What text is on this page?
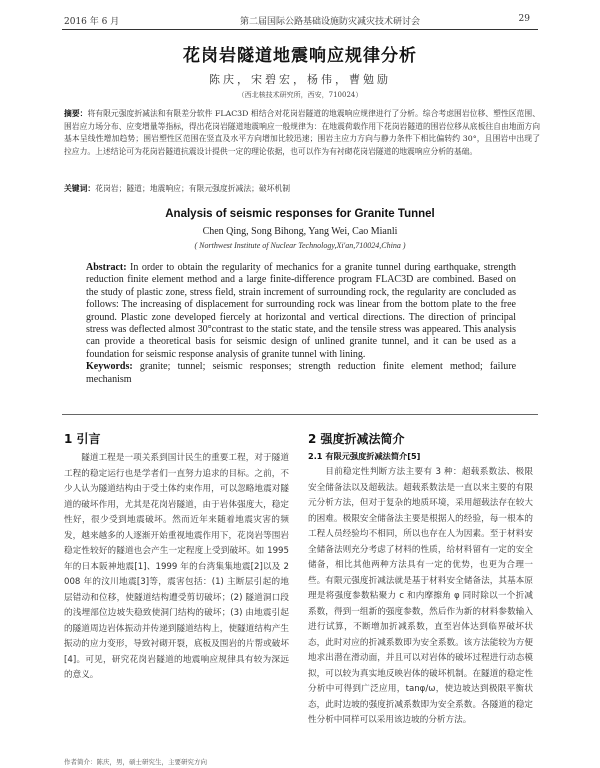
2016 年 6 月	第二届国际公路基础设施防灾减灾技术研讨会	29
花岗岩隧道地震响应规律分析
陈庆，宋碧宏，杨伟，曹勉励
（西北核技术研究所，西安，710024）
摘要：将有限元强度折减法和有限差分软件 FLAC3D 相结合对花岗岩隧道的地震响应规律进行了分析。综合考虑围岩位移、塑性区范围、围岩应力场分布、应变增量等指标，得出花岗岩隧道地震响应一般规律为：在地震荷载作用下花岗岩隧道的围岩位移从底板往自由地面方向基本呈线性增加趋势；围岩塑性区范围在竖直及水平方向增加比较迅速；围岩主应力方向与静力条件下相比偏转约 30°，且围岩中出现了拉应力。上述结论可为花岗岩隧道抗震设计提供一定的理论依据，也可以作为有衬砌花岗岩隧道的地震响应分析的基础。
关键词：花岗岩；隧道；地震响应；有限元强度折减法；破坏机制
Analysis of seismic responses for Granite Tunnel
Chen Qing, Song Bihong, Yang Wei, Cao Mianli
( Northwest Institute of Nuclear Technology,Xi'an,710024,China )
Abstract: In order to obtain the regularity of mechanics for a granite tunnel during earthquake, strength reduction finite element method and a large finite-difference program FLAC3D are combined. Based on the study of plastic zone, stress field, strain increment of surrounding rock, the regularity are concluded as follows: The increasing of displacement for surrounding rock was linear from the bottom plate to the free ground. Plastic zone developed fiercely at horizontal and vertical directions. The direction of principal stress was deflected almost 30°contrast to the static state, and the tensile stress was appeared. This analysis can provide a theoretical basis for seismic design of unlined granite tunnel, and it can be used as a foundation for seismic response analysis of granite tunnel with lining.
Keywords: granite; tunnel; seismic responses; strength reduction finite element method; failure mechanism
1 引言

隧道工程是一项关系到国计民生的重要工程，对于隧道工程的稳定运行也是学者们一直努力追求的目标。之前，不少人认为隧道结构由于受土体约束作用，可以忽略地震对隧道的破坏作用，尤其是花岗岩隧道，由于岩体强度大，稳定性好，很少受到地震破坏。然而近年来随着地震灾害的频发，越来越多的人逐渐开始重视地震作用下，花岗岩等围岩稳定性较好的隧道也会产生一定程度上受到破坏。如 1995 年的日本阪神地震[1]、1999 年的台湾集集地震[2]以及 2008 年的汶川地震[3]等，震害包括：(1) 主断层引起的地层错动和位移，使隧道结构遭受剪切破坏；(2) 隧道洞口段的浅埋部位边坡失稳致使洞门结构的破坏；(3) 由地震引起的隧道周边岩体振动并传递到隧道结构上，使隧道结构产生振动的应力变形，导致衬砌开裂，底板及围岩的片帮或破坏[4]。可见，研究花岗岩隧道的地震响应规律具有较为深远的意义。

2 强度折减法简介
2.1 有限元强度折减法简介[5]

目前稳定性判断方法主要有 3 种：超载系数法、极限安全储备法以及超载法。超载系数法是一直以来主要的有限元分析方法，但对于复杂的地质环境，采用超载法存在较大的困难。极限安全储备法主要是根据人的经验，每一根本的工程人员经验均不相同，所以也存在人为因素。至于材料安全储备法则充分考虑了材料的性质，给材料留有一定的安全储备，相比其他两种方法具有一定的优势，也更为合理一些。有限元强度折减法就是基于材料安全储备法，其基本原理是将强度参数粘聚力 c 和内摩擦角 φ 同时除以一个折减系数，得到一组新的强度参数，然后作为新的材料参数输入进行试算，不断增加折减系数，直至岩体达到临界破坏状态，此时对应的折减系数即为安全系数。该方法能较为方便地求出潜在滑动面，并且可以对岩体的破坏过程进行动态模拟，可以较为真实地反映岩体的破坏机制。在隧道的稳定性分析中可得到广泛应用，tanφ/ω，使边坡达到极限平衡状态，此时边坡的强度折减系数即为安全系数。各隧道的稳定性分析中同样可以采用该边坡的分析方法。

作者简介：陈庆，男，硕士研究生，主要研究方向
